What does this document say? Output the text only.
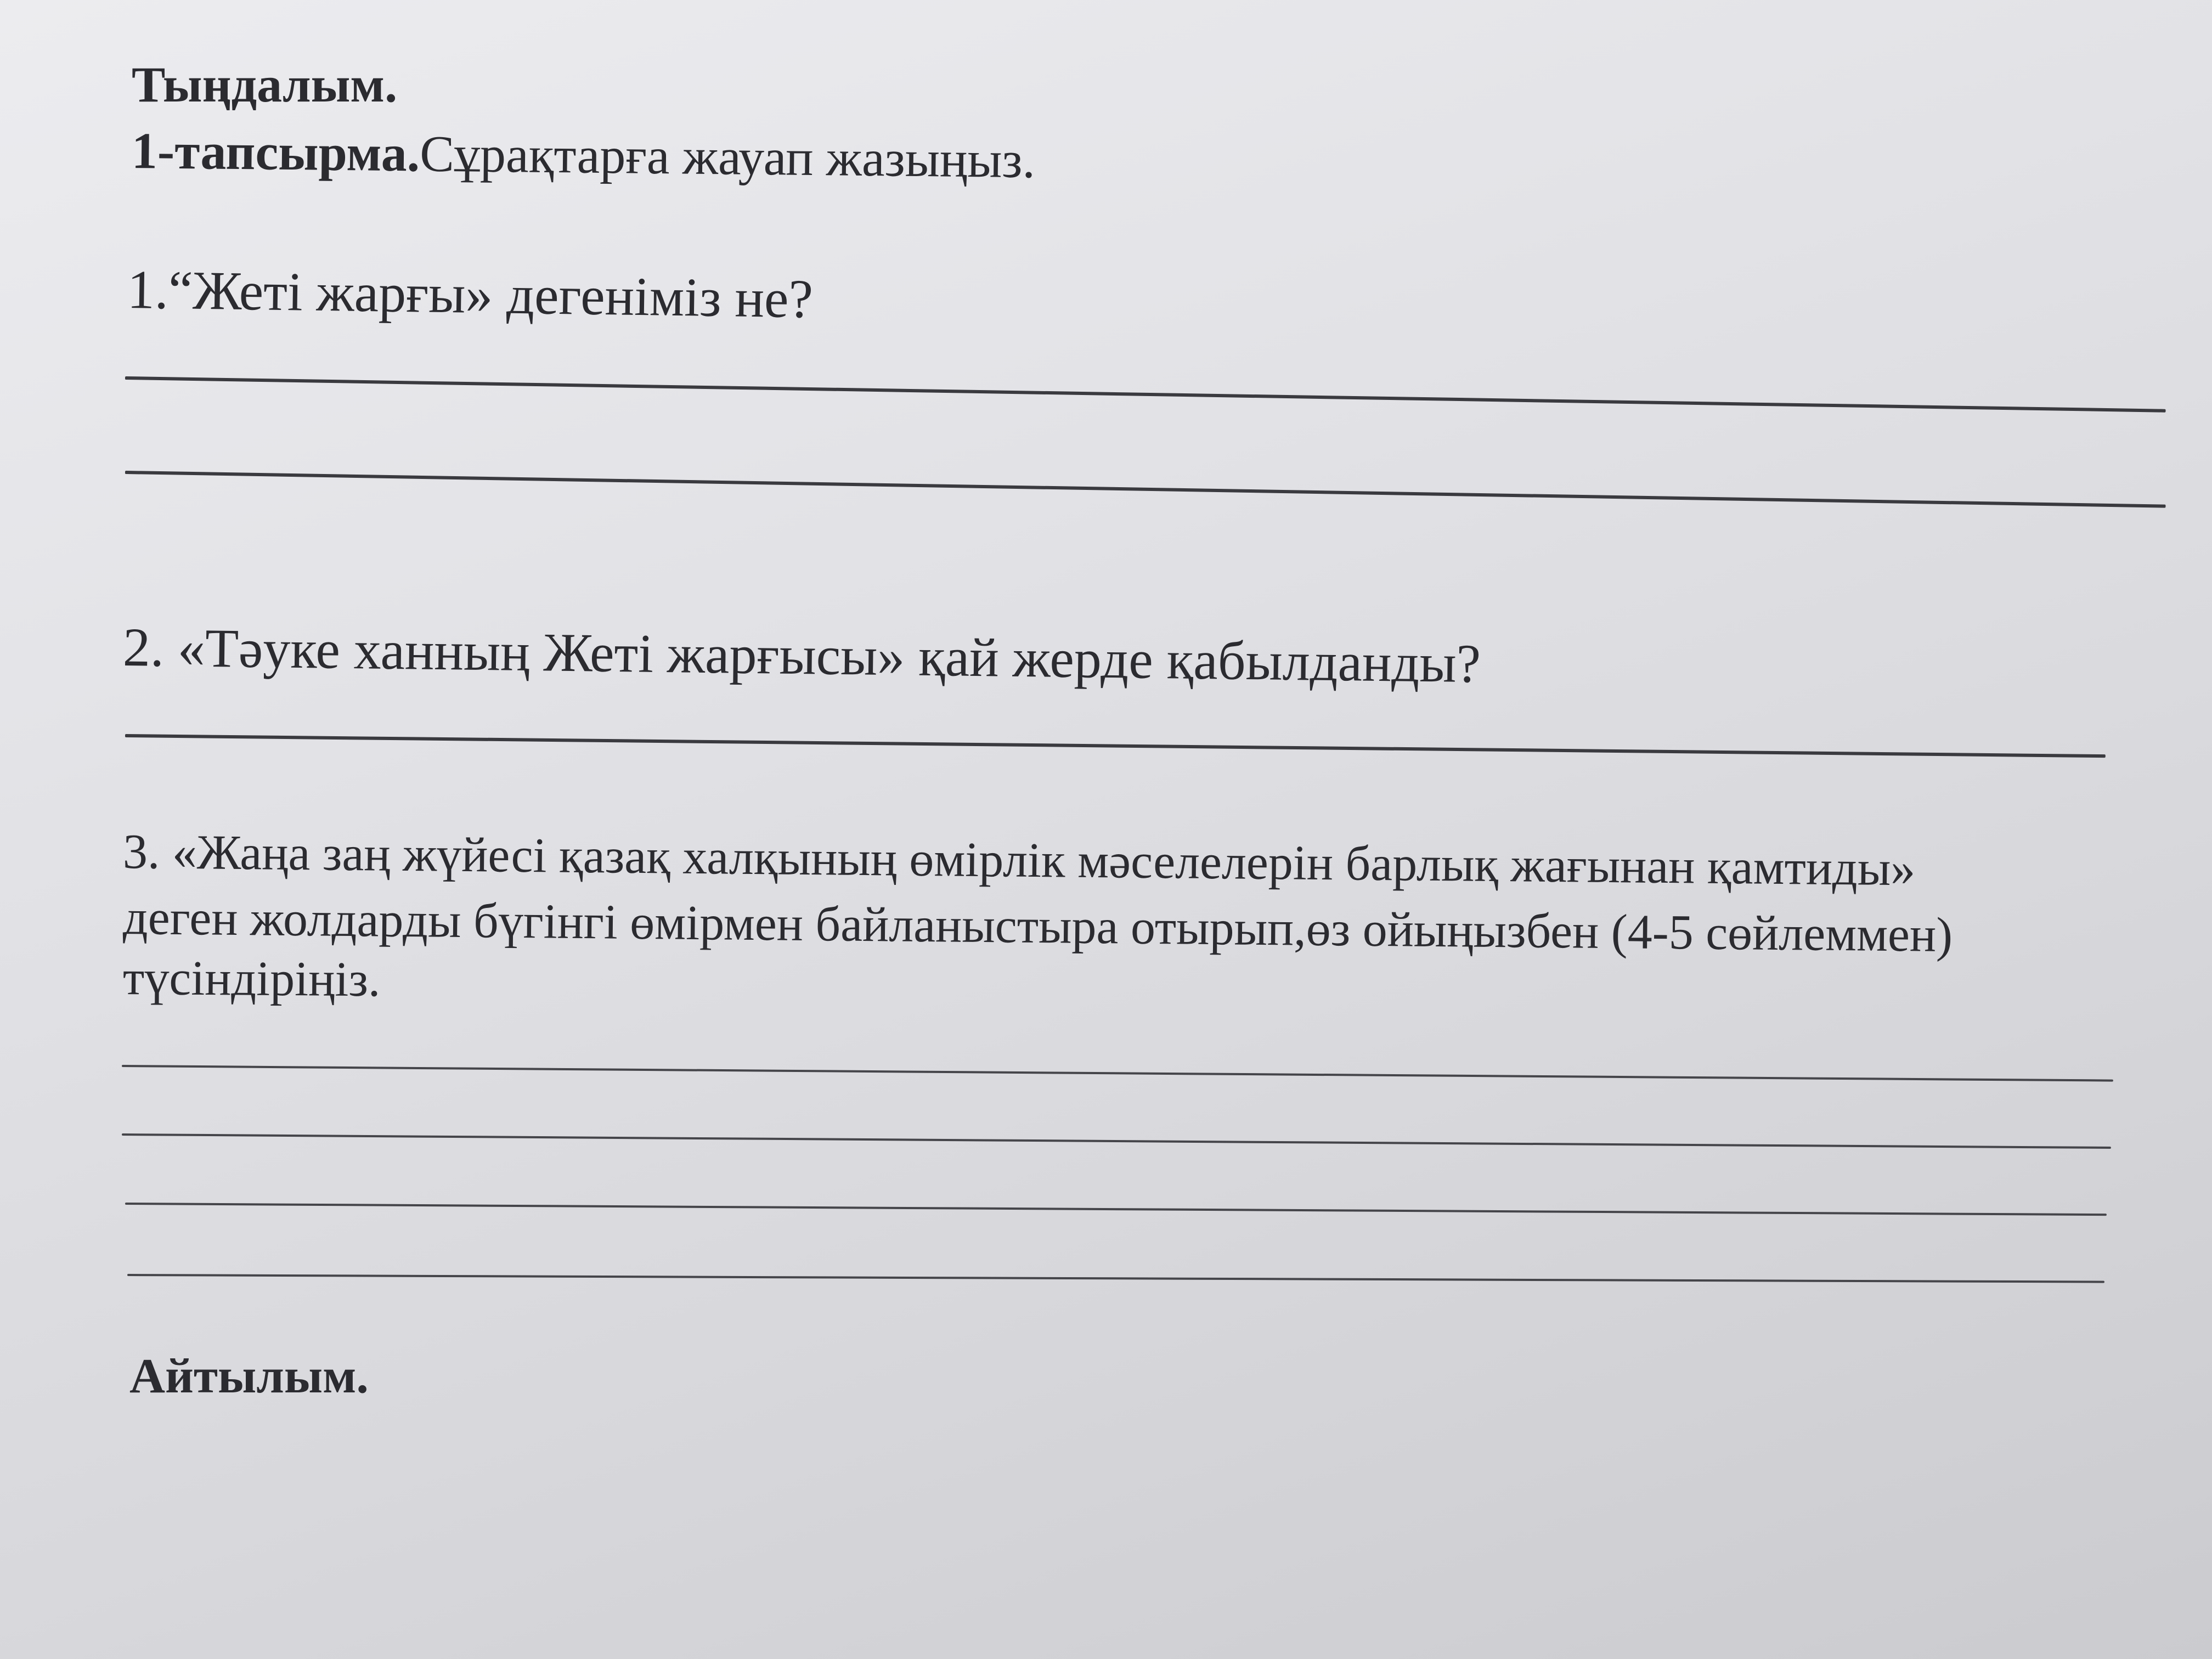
Тыңдалым.
1-тапсырма.Сұрақтарға жауап жазыңыз.
1.“Жеті жарғы» дегеніміз не?
2. «Тәуке ханның Жеті жарғысы» қай жерде қабылданды?
3. «Жаңа заң жүйесі қазақ халқының өмірлік мәселелерін барлық жағынан қамтиды»
деген жолдарды бүгінгі өмірмен байланыстыра отырып,өз ойыңызбен (4-5 сөйлеммен)
түсіндіріңіз.
Айтылым.
